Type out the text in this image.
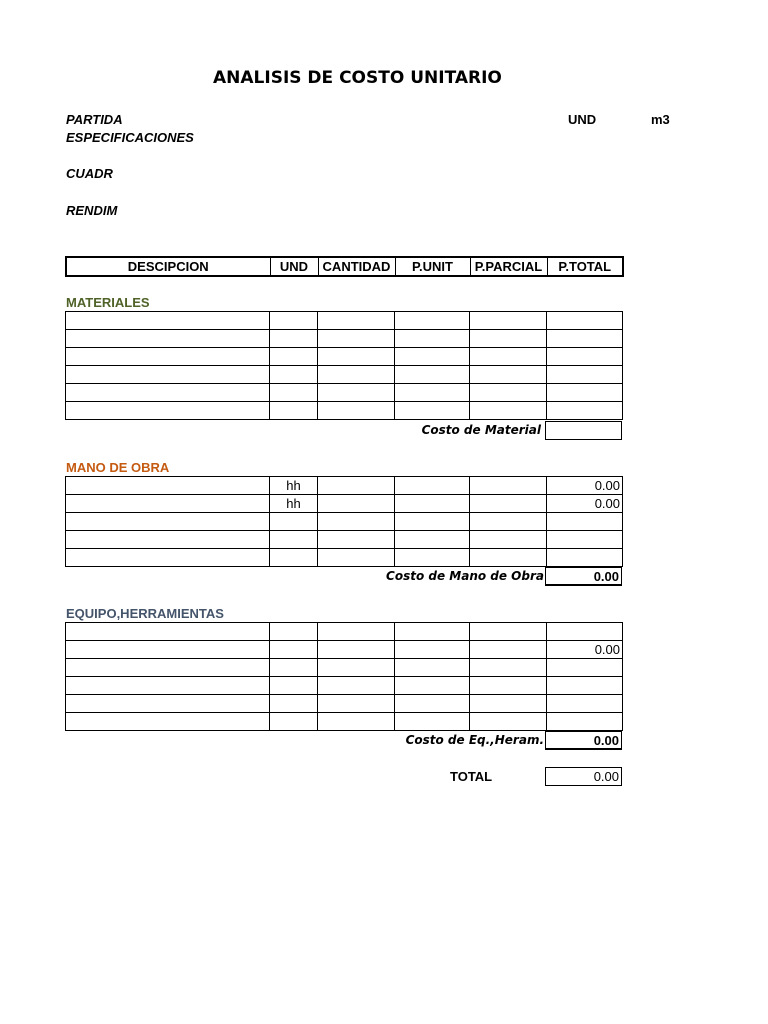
ANALISIS DE COSTO UNITARIO
PARTIDA	UND	m3
ESPECIFICACIONES
CUADR
RENDIM
DESCIPCION	UND	CANTIDAD	P.UNIT	P.PARCIAL	P.TOTAL
MATERIALES

Costo de Material
MANO DE OBRA
	hh				0.00
	hh				0.00

Costo de Mano de Obra	0.00
EQUIPO,HERRAMIENTAS

					0.00

Costo de Eq.,Heram.	0.00
TOTAL	0.00
